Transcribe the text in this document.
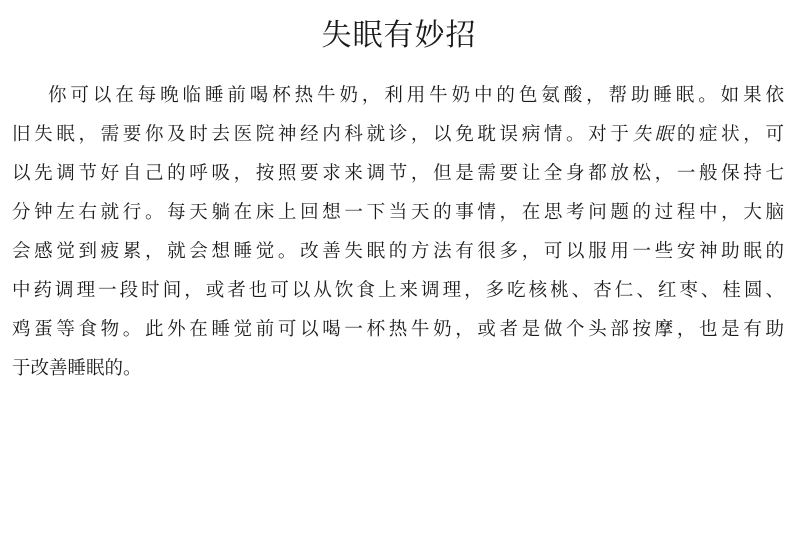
失眠有妙招
你可以在每晚临睡前喝杯热牛奶，利用牛奶中的色氨酸，帮助睡眠。如果依
旧失眠，需要你及时去医院神经内科就诊，以免耽误病情。对于失眠的症状，可
以先调节好自己的呼吸，按照要求来调节，但是需要让全身都放松，一般保持七
分钟左右就行。每天躺在床上回想一下当天的事情，在思考问题的过程中，大脑
会感觉到疲累，就会想睡觉。改善失眠的方法有很多，可以服用一些安神助眠的
中药调理一段时间，或者也可以从饮食上来调理，多吃核桃、杏仁、红枣、桂圆、
鸡蛋等食物。此外在睡觉前可以喝一杯热牛奶，或者是做个头部按摩，也是有助
于改善睡眠的。
